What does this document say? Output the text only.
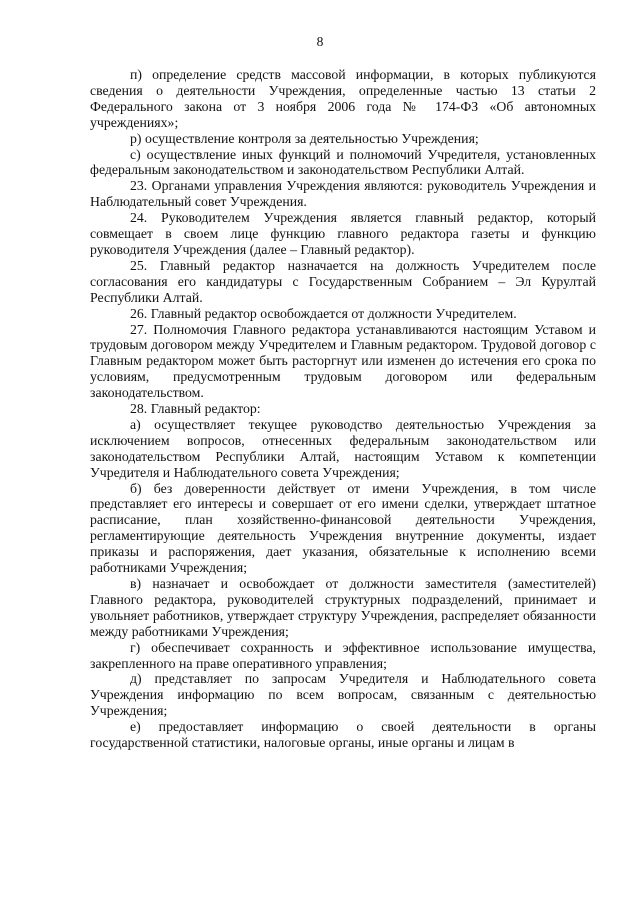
8

п) определение средств массовой информации, в которых публикуются сведения о деятельности Учреждения, определенные частью 13 статьи 2 Федерального закона от 3 ноября 2006 года № 174-ФЗ «Об автономных учреждениях»;

р) осуществление контроля за деятельностью Учреждения;

с) осуществление иных функций и полномочий Учредителя, установленных федеральным законодательством и законодательством Республики Алтай.

23. Органами управления Учреждения являются: руководитель Учреждения и Наблюдательный совет Учреждения.

24. Руководителем Учреждения является главный редактор, который совмещает в своем лице функцию главного редактора газеты и функцию руководителя Учреждения (далее – Главный редактор).

25. Главный редактор назначается на должность Учредителем после согласования его кандидатуры с Государственным Собранием – Эл Курултай Республики Алтай.

26. Главный редактор освобождается от должности Учредителем.

27. Полномочия Главного редактора устанавливаются настоящим Уставом и трудовым договором между Учредителем и Главным редактором. Трудовой договор с Главным редактором может быть расторгнут или изменен до истечения его срока по условиям, предусмотренным трудовым договором или федеральным законодательством.

28. Главный редактор:

а) осуществляет текущее руководство деятельностью Учреждения за исключением вопросов, отнесенных федеральным законодательством или законодательством Республики Алтай, настоящим Уставом к компетенции Учредителя и Наблюдательного совета Учреждения;

б) без доверенности действует от имени Учреждения, в том числе представляет его интересы и совершает от его имени сделки, утверждает штатное расписание, план хозяйственно-финансовой деятельности Учреждения, регламентирующие деятельность Учреждения внутренние документы, издает приказы и распоряжения, дает указания, обязательные к исполнению всеми работниками Учреждения;

в) назначает и освобождает от должности заместителя (заместителей) Главного редактора, руководителей структурных подразделений, принимает и увольняет работников, утверждает структуру Учреждения, распределяет обязанности между работниками Учреждения;

г) обеспечивает сохранность и эффективное использование имущества, закрепленного на праве оперативного управления;

д) представляет по запросам Учредителя и Наблюдательного совета Учреждения информацию по всем вопросам, связанным с деятельностью Учреждения;

е) предоставляет информацию о своей деятельности в органы государственной статистики, налоговые органы, иные органы и лицам в
